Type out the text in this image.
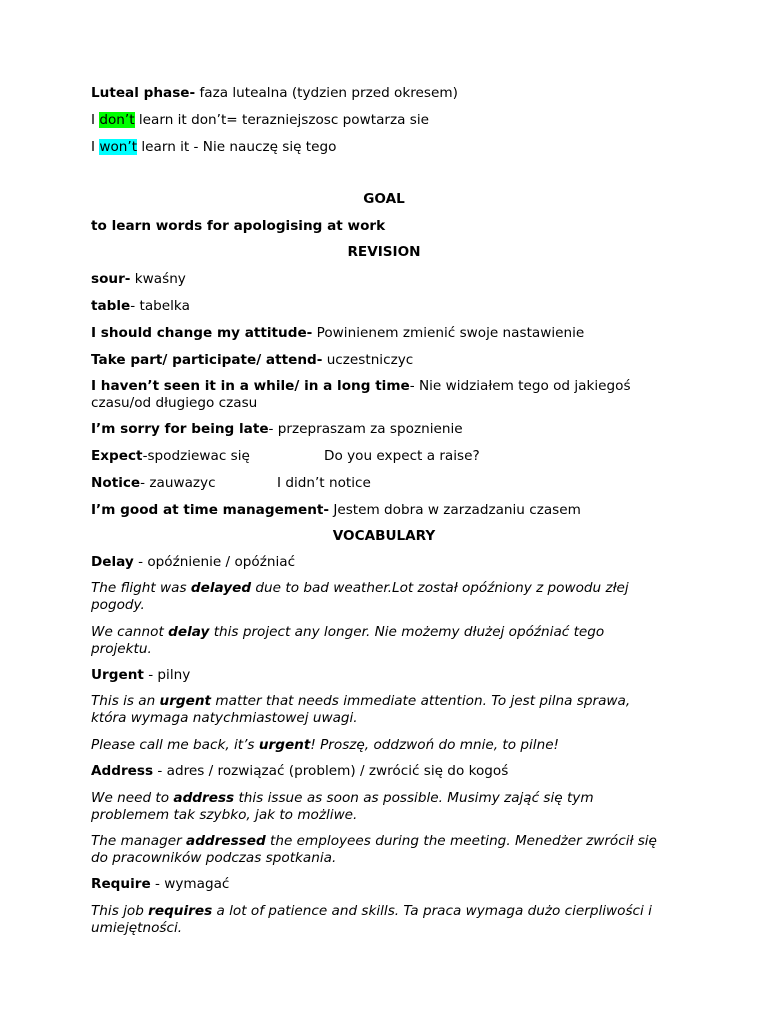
Luteal phase- faza lutealna (tydzien przed okresem)

I don’t learn it don’t= terazniejszosc powtarza sie

I won’t learn it - Nie nauczę się tego

GOAL

to learn words for apologising at work

REVISION

sour- kwaśny

table- tabelka

I should change my attitude- Powinienem zmienić swoje nastawienie

Take part/ participate/ attend- uczestniczyc

I haven’t seen it in a while/ in a long time- Nie widziałem tego od jakiegoś czasu/od długiego czasu

I’m sorry for being late- przepraszam za spoznienie

Expect-spodziewac się	Do you expect a raise?

Notice- zauwazyc	I didn’t notice

I’m good at time management- Jestem dobra w zarzadzaniu czasem

VOCABULARY

Delay - opóźnienie / opóźniać

The flight was delayed due to bad weather.Lot został opóźniony z powodu złej pogody.

We cannot delay this project any longer. Nie możemy dłużej opóźniać tego projektu.

Urgent - pilny

This is an urgent matter that needs immediate attention. To jest pilna sprawa, która wymaga natychmiastowej uwagi.

Please call me back, it’s urgent! Proszę, oddzwoń do mnie, to pilne!

Address - adres / rozwiązać (problem) / zwrócić się do kogoś

We need to address this issue as soon as possible. Musimy zająć się tym problemem tak szybko, jak to możliwe.

The manager addressed the employees during the meeting. Menedżer zwrócił się do pracowników podczas spotkania.

Require - wymagać

This job requires a lot of patience and skills. Ta praca wymaga dużo cierpliwości i umiejętności.
